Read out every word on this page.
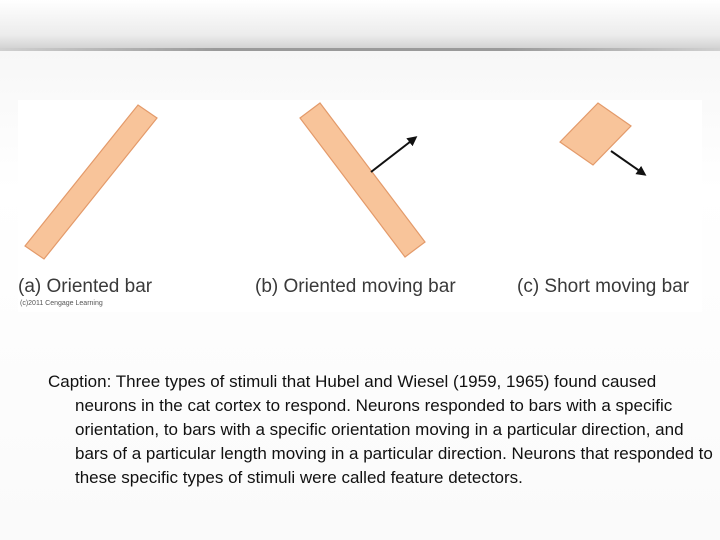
(a) Oriented bar	(b) Oriented moving bar	(c) Short moving bar
(c)2011 Cengage Learning
Caption: Three types of stimuli that Hubel and Wiesel (1959, 1965) found caused neurons in the cat cortex to respond. Neurons responded to bars with a specific orientation, to bars with a specific orientation moving in a particular direction, and bars of a particular length moving in a particular direction. Neurons that responded to these specific types of stimuli were called feature detectors.
